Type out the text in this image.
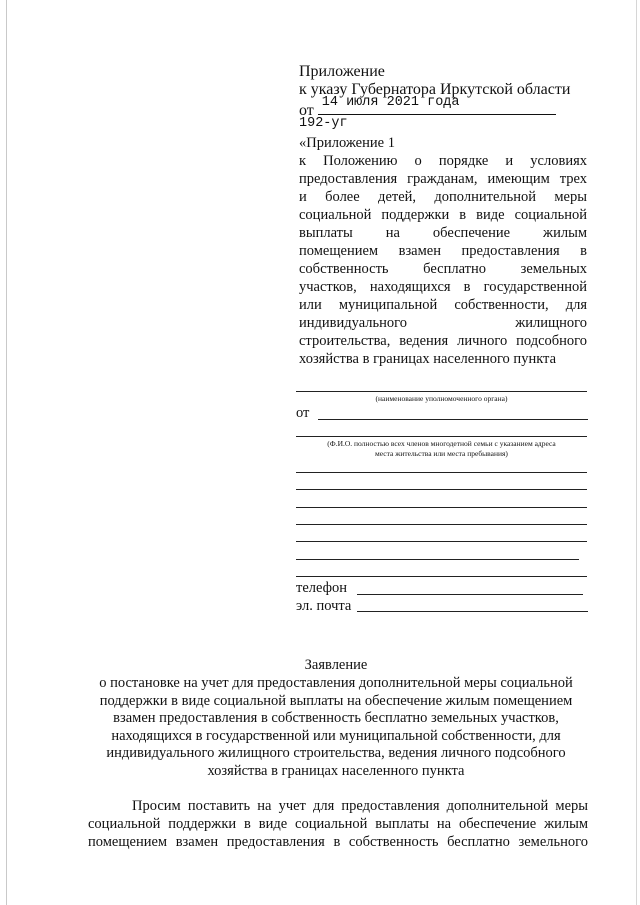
Приложение
к указу Губернатора Иркутской области
от 14 июля 2021 года
192-уг
«Приложение 1
к Положению о порядке и условиях
предоставления гражданам, имеющим трех
и более детей, дополнительной меры
социальной поддержки в виде социальной
выплаты на обеспечение жилым
помещением взамен предоставления в
собственность бесплатно земельных
участков, находящихся в государственной
или муниципальной собственности, для
индивидуального жилищного
строительства, ведения личного подсобного
хозяйства в границах населенного пункта
(наименование уполномоченного органа)
от
(Ф.И.О. полностью всех членов многодетной семьи с указанием адреса
места жительства или места пребывания)
телефон
эл. почта
Заявление
о постановке на учет для предоставления дополнительной меры социальной
поддержки в виде социальной выплаты на обеспечение жилым помещением
взамен предоставления в собственность бесплатно земельных участков,
находящихся в государственной или муниципальной собственности, для
индивидуального жилищного строительства, ведения личного подсобного
хозяйства в границах населенного пункта
Просим поставить на учет для предоставления дополнительной меры
социальной поддержки в виде социальной выплаты на обеспечение жилым
помещением взамен предоставления в собственность бесплатно земельного
